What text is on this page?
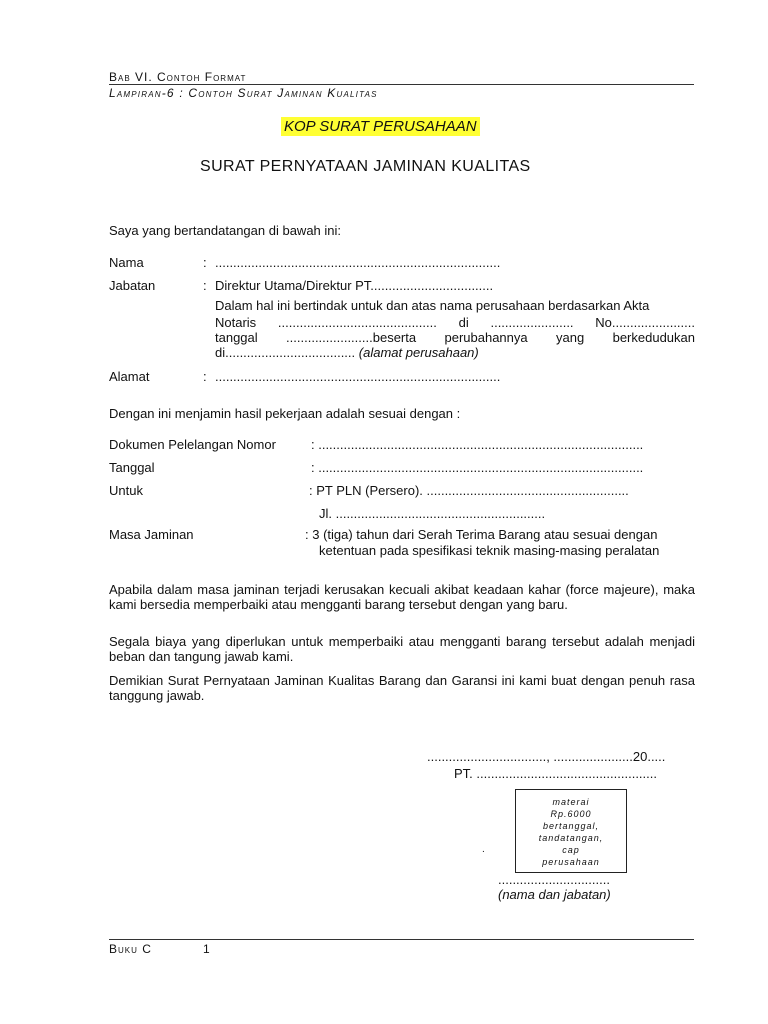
Bab VI. Contoh Format
Lampiran-6 : Contoh Surat Jaminan Kualitas
KOP SURAT PERUSAHAAN
SURAT PERNYATAAN JAMINAN KUALITAS
Saya yang bertandatangan di bawah ini:
Nama	: ...............................................................................
Jabatan	: Direktur Utama/Direktur PT..................................
Dalam hal ini bertindak untuk dan atas nama perusahaan berdasarkan Akta
Notaris ............................................ di ....................... No.......................
tanggal ........................beserta perubahannya yang berkedudukan
di.................................... (alamat perusahaan)
Alamat	: ...............................................................................
Dengan ini menjamin hasil pekerjaan adalah sesuai dengan :
Dokumen Pelelangan Nomor	: ..........................................................................................
Tanggal	: ..........................................................................................
Untuk	: PT PLN (Persero). ........................................................
Jl. ..........................................................
Masa Jaminan	: 3 (tiga) tahun dari Serah Terima Barang atau sesuai dengan
ketentuan pada spesifikasi teknik masing-masing peralatan
Apabila dalam masa jaminan terjadi kerusakan kecuali akibat keadaan kahar (force majeure), maka kami bersedia memperbaiki atau mengganti barang tersebut dengan yang baru.
Segala biaya yang diperlukan untuk memperbaiki atau mengganti barang tersebut adalah menjadi beban dan tangung jawab kami.
Demikian Surat Pernyataan Jaminan Kualitas Barang dan Garansi ini kami buat dengan penuh rasa tanggung jawab.
................................., ......................20.....
PT. ..................................................
materai
Rp.6000
bertanggal,
tandatangan,
cap
perusahaan
.
...............................
(nama dan jabatan)
Buku C	1
